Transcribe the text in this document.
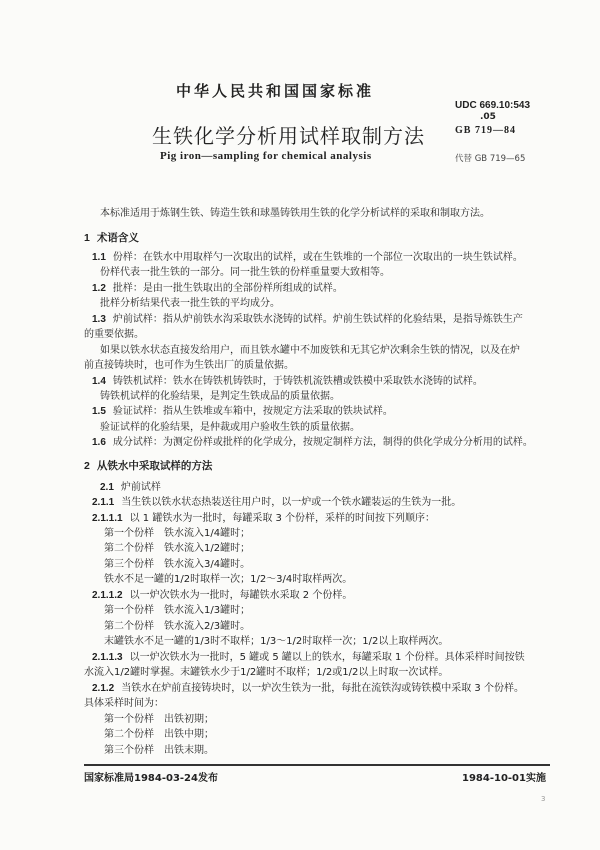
中华人民共和国国家标准
UDC 669.10:543
.05
生铁化学分析用试样取制方法	GB 719—84
Pig iron—sampling for chemical analysis	代替 GB 719—65
本标准适用于炼钢生铁、铸造生铁和球墨铸铁用生铁的化学分析试样的采取和制取方法。
1 术语含义
1.1 份样：在铁水中用取样勺一次取出的试样，或在生铁堆的一个部位一次取出的一块生铁试样。
份样代表一批生铁的一部分。同一批生铁的份样重量要大致相等。
1.2 批样：是由一批生铁取出的全部份样所组成的试样。
批样分析结果代表一批生铁的平均成分。
1.3 炉前试样：指从炉前铁水沟采取铁水浇铸的试样。炉前生铁试样的化验结果，是指导炼铁生产
的重要依据。
如果以铁水状态直接发给用户，而且铁水罐中不加废铁和无其它炉次剩余生铁的情况，以及在炉
前直接铸块时，也可作为生铁出厂的质量依据。
1.4 铸铁机试样：铁水在铸铁机铸铁时，于铸铁机流铁槽或铁模中采取铁水浇铸的试样。
铸铁机试样的化验结果，是判定生铁成品的质量依据。
1.5 验证试样：指从生铁堆或车箱中，按规定方法采取的铁块试样。
验证试样的化验结果，是仲裁或用户验收生铁的质量依据。
1.6 成分试样：为测定份样或批样的化学成分，按规定制样方法，制得的供化学成分分析用的试样。
2 从铁水中采取试样的方法
2.1 炉前试样
2.1.1 当生铁以铁水状态热装送往用户时，以一炉或一个铁水罐装运的生铁为一批。
2.1.1.1 以 1 罐铁水为一批时，每罐采取 3 个份样，采样的时间按下列顺序：
第一个份样　铁水流入1/4罐时；
第二个份样　铁水流入1/2罐时；
第三个份样　铁水流入3/4罐时。
铁水不足一罐的1/2时取样一次；1/2～3/4时取样两次。
2.1.1.2 以一炉次铁水为一批时，每罐铁水采取 2 个份样。
第一个份样　铁水流入1/3罐时；
第二个份样　铁水流入2/3罐时。
末罐铁水不足一罐的1/3时不取样；1/3～1/2时取样一次；1/2以上取样两次。
2.1.1.3 以一炉次铁水为一批时，5 罐或 5 罐以上的铁水，每罐采取 1 个份样。具体采样时间按铁
水流入1/2罐时掌握。末罐铁水少于1/2罐时不取样；1/2或1/2以上时取一次试样。
2.1.2 当铁水在炉前直接铸块时，以一炉次生铁为一批，每批在流铁沟或铸铁模中采取 3 个份样。
具体采样时间为：
第一个份样　出铁初期；
第二个份样　出铁中期；
第三个份样　出铁末期。
国家标准局1984-03-24发布	1984-10-01实施
3
